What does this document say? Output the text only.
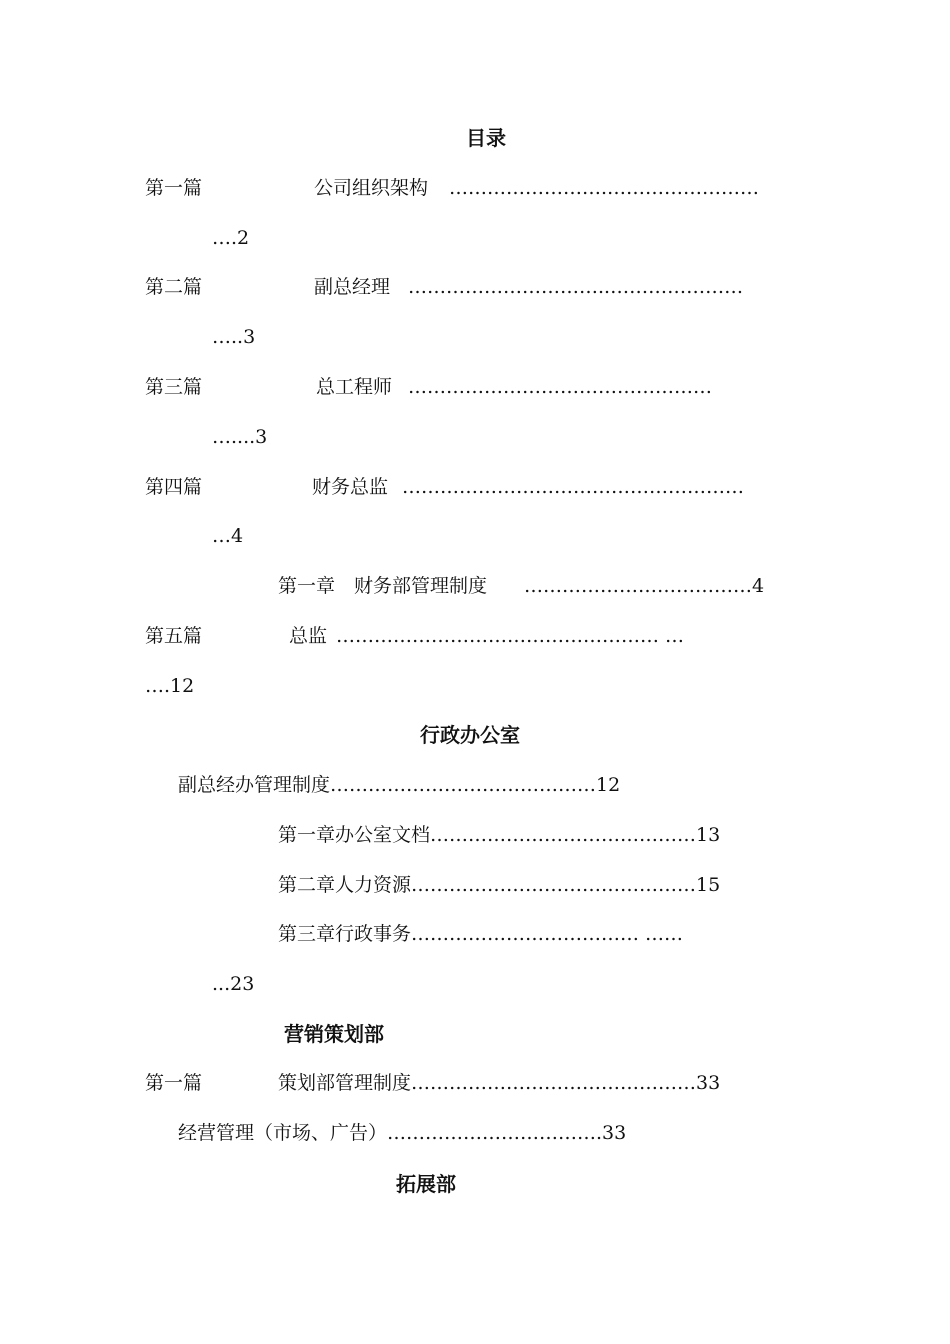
目录
第一篇	公司组织架构 …………………….……………………
….2
第二篇	副总经理 …………………………..…………………
…..3
第三篇	总工程师 …………………………………………
…....3
第四篇	财务总监 ………………………………………………
…4
第一章　财务部管理制度 ………………………………4
第五篇	总监 …………………………………………… …
….12
行政办公室
副总经办管理制度……………………………………12
第一章办公室文档……………………………………13
第二章人力资源………………………………………15
第三章行政事务……………………………… ……
...23
营销策划部
第一篇	策划部管理制度………………………………………33
经营管理（市场、广告）…………………………….33
拓展部
